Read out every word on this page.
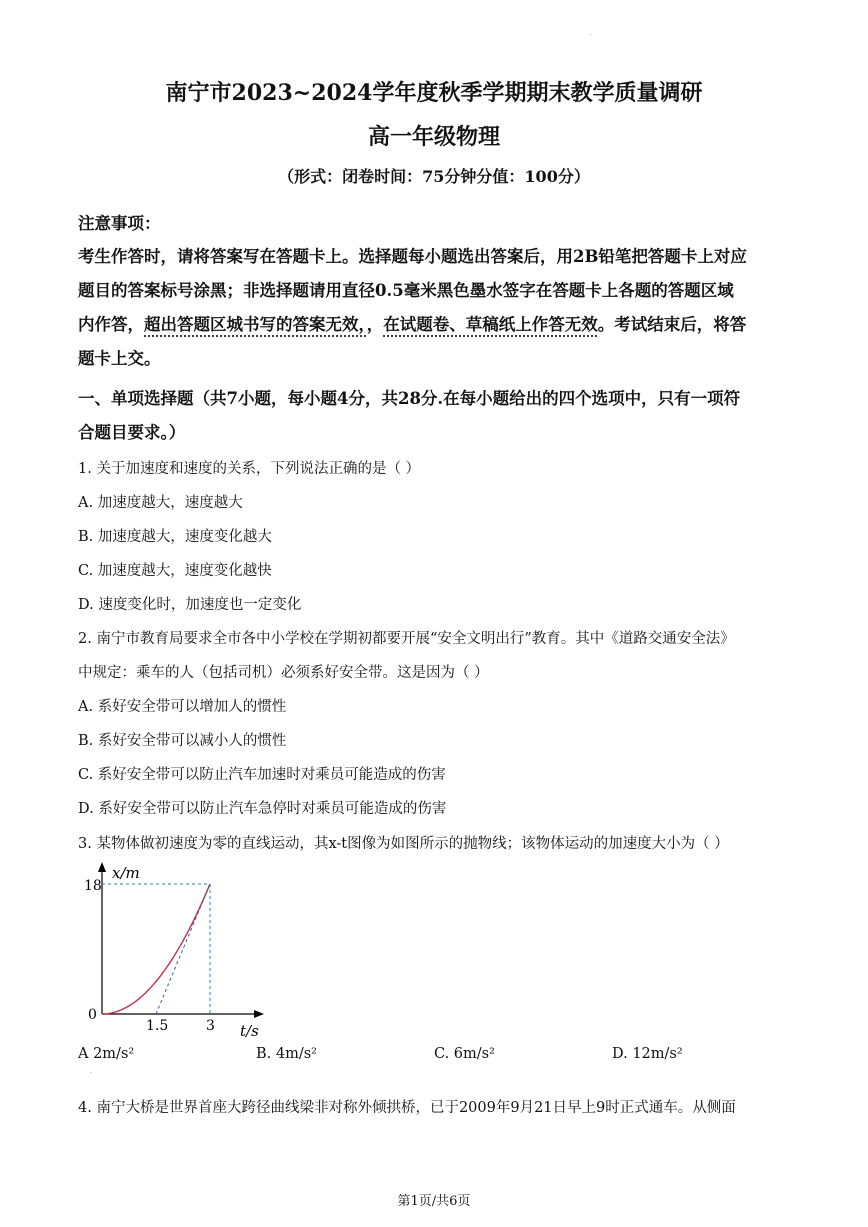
.
南宁市2023~2024学年度秋季学期期末教学质量调研
高一年级物理
（形式：闭卷时间：75分钟分值：100分）
注意事项：
考生作答时，请将答案写在答题卡上。选择题每小题选出答案后，用2B铅笔把答题卡上对应
题目的答案标号涂黑；非选择题请用直径0.5毫米黑色墨水签字在答题卡上各题的答题区域
内作答，超出答题区城书写的答案无效，，在试题卷、草稿纸上作答无效。考试结束后，将答
题卡上交。
一、单项选择题（共7小题，每小题4分，共28分.在每小题给出的四个选项中，只有一项符
合题目要求。）
1. 关于加速度和速度的关系，下列说法正确的是（ ）
A. 加速度越大，速度越大
B. 加速度越大，速度变化越大
C. 加速度越大，速度变化越快
D. 速度变化时，加速度也一定变化
2. 南宁市教育局要求全市各中小学校在学期初都要开展“安全文明出行”教育。其中《道路交通安全法》
中规定：乘车的人（包括司机）必须系好安全带。这是因为（ ）
A. 系好安全带可以增加人的惯性
B. 系好安全带可以减小人的惯性
C. 系好安全带可以防止汽车加速时对乘员可能造成的伤害
D. 系好安全带可以防止汽车急停时对乘员可能造成的伤害
3. 某物体做初速度为零的直线运动，其x-t图像为如图所示的抛物线；该物体运动的加速度大小为（ ）
x/m
t/s
18
0
1.5	3
A 2m/s²	B. 4m/s²	C. 6m/s²	D. 12m/s²
.
4. 南宁大桥是世界首座大跨径曲线梁非对称外倾拱桥，已于2009年9月21日早上9时正式通车。从侧面
第1页/共6页
